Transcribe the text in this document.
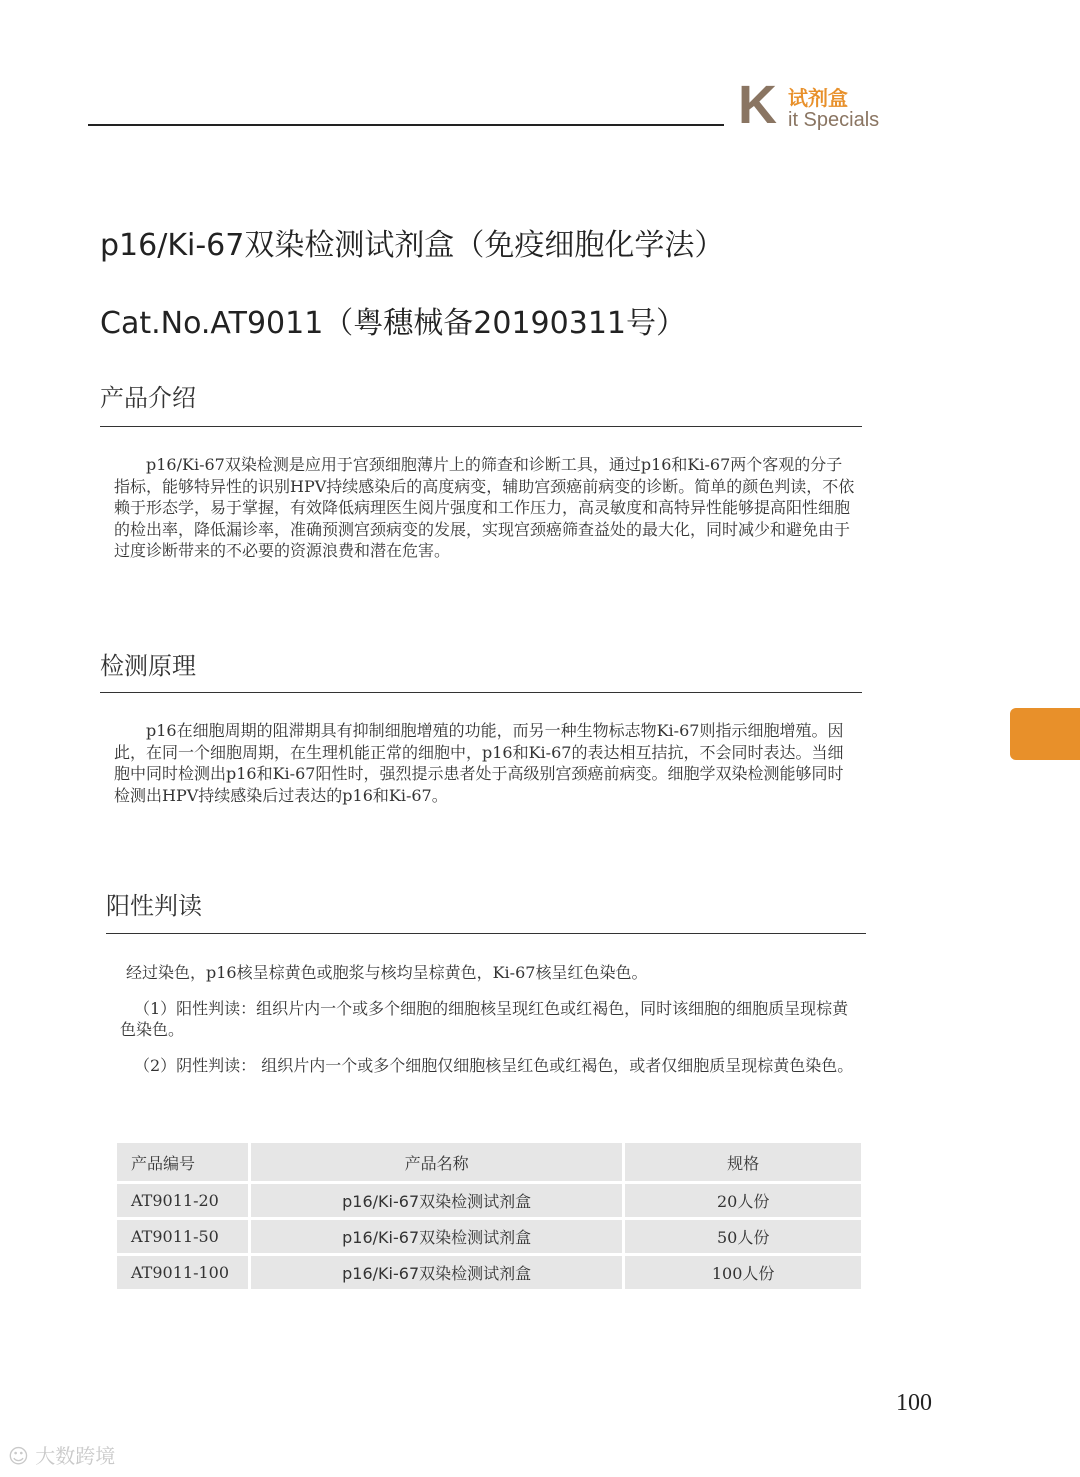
K 试剂盒
it Specials
p16/Ki-67双染检测试剂盒（免疫细胞化学法）
Cat.No.AT9011（粤穗械备20190311号）
产品介绍
p16/Ki-67双染检测是应用于宫颈细胞薄片上的筛查和诊断工具，通过p16和Ki-67两个客观的分子指标，能够特异性的识别HPV持续感染后的高度病变，辅助宫颈癌前病变的诊断。简单的颜色判读，不依赖于形态学，易于掌握，有效降低病理医生阅片强度和工作压力，高灵敏度和高特异性能够提高阳性细胞的检出率，降低漏诊率，准确预测宫颈病变的发展，实现宫颈癌筛查益处的最大化，同时减少和避免由于过度诊断带来的不必要的资源浪费和潜在危害。
检测原理
p16在细胞周期的阻滞期具有抑制细胞增殖的功能，而另一种生物标志物Ki-67则指示细胞增殖。因此，在同一个细胞周期，在生理机能正常的细胞中，p16和Ki-67的表达相互拮抗，不会同时表达。当细胞中同时检测出p16和Ki-67阳性时，强烈提示患者处于高级别宫颈癌前病变。细胞学双染检测能够同时检测出HPV持续感染后过表达的p16和Ki-67。
阳性判读
经过染色，p16核呈棕黄色或胞浆与核均呈棕黄色，Ki-67核呈红色染色。
（1）阳性判读：组织片内一个或多个细胞的细胞核呈现红色或红褐色，同时该细胞的细胞质呈现棕黄色染色。
（2）阴性判读： 组织片内一个或多个细胞仅细胞核呈红色或红褐色，或者仅细胞质呈现棕黄色染色。
产品编号	产品名称	规格
AT9011-20	p16/Ki-67双染检测试剂盒	20人份
AT9011-50	p16/Ki-67双染检测试剂盒	50人份
AT9011-100	p16/Ki-67双染检测试剂盒	100人份
100
☺ 大数跨境
